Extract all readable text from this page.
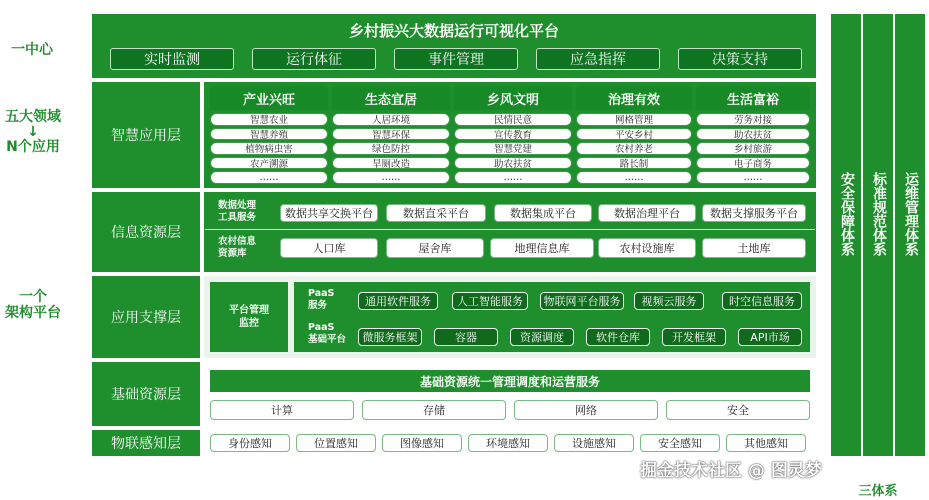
一中心
五大领域
↓
N个应用
一个
架构平台
乡村振兴大数据运行可视化平台
实时监测	运行体征	事件管理	应急指挥	决策支持
智慧应用层
信息资源层
应用支撑层
基础资源层
物联感知层
产业兴旺
智慧农业
智慧养殖
植物病虫害
农产溯源
……
生态宜居
人居环境
智慧环保
绿色防控
旱厕改造
……
乡风文明
民情民意
宣传教育
智慧党建
助农扶贫
……
治理有效
网格管理
平安乡村
农村养老
路长制
……
生活富裕
劳务对接
助农扶贫
乡村旅游
电子商务
……
数据处理
工具服务	数据共享交换平台	数据直采平台	数据集成平台	数据治理平台	数据支撑服务平台
农村信息
资源库	人口库	屋舍库	地理信息库	农村设施库	土地库
平台管理
监控
PaaS
服务	通用软件服务	人工智能服务	物联网平台服务	视频云服务	时空信息服务
PaaS
基础平台	微服务框架	容器	资源调度	软件仓库	开发框架	API市场
基础资源统一管理调度和运营服务
计算	存储	网络	安全
身份感知	位置感知	图像感知	环境感知	设施感知	安全感知	其他感知
安全保障体系 标准规范体系 运维管理体系
三体系
掘金技术社区 @ 图灵梦
